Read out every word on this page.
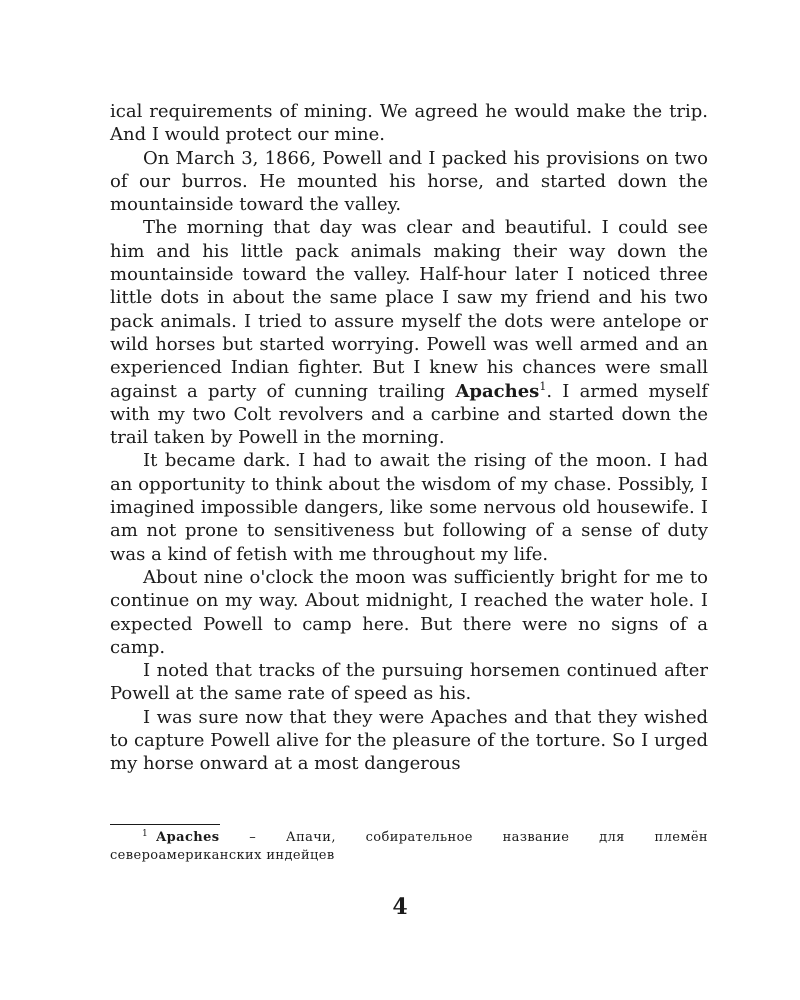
ical requirements of mining. We agreed he would make the trip. And I would protect our mine.

On March 3, 1866, Powell and I packed his provisions on two of our burros. He mounted his horse, and started down the mountainside toward the valley.

The morning that day was clear and beautiful. I could see him and his little pack animals making their way down the mountainside toward the valley. Half-hour later I noticed three little dots in about the same place I saw my friend and his two pack animals. I tried to assure myself the dots were antelope or wild horses but started worrying. Powell was well armed and an experienced Indian fighter. But I knew his chances were small against a party of cunning trailing Apaches$^1$. I armed myself with my two Colt revolvers and a carbine and started down the trail taken by Powell in the morning.

It became dark. I had to await the rising of the moon. I had an opportunity to think about the wisdom of my chase. Possibly, I imagined impossible dangers, like some nervous old housewife. I am not prone to sensitiveness but following of a sense of duty was a kind of fetish with me throughout my life.

About nine o'clock the moon was sufficiently bright for me to continue on my way. About midnight, I reached the water hole. I expected Powell to camp here. But there were no signs of a camp.

I noted that tracks of the pursuing horsemen continued after Powell at the same rate of speed as his.

I was sure now that they were Apaches and that they wished to capture Powell alive for the pleasure of the torture. So I urged my horse onward at a most dangerous

$^1$ Apaches – Апачи, собирательное название для племён североамериканских индейцев

4
